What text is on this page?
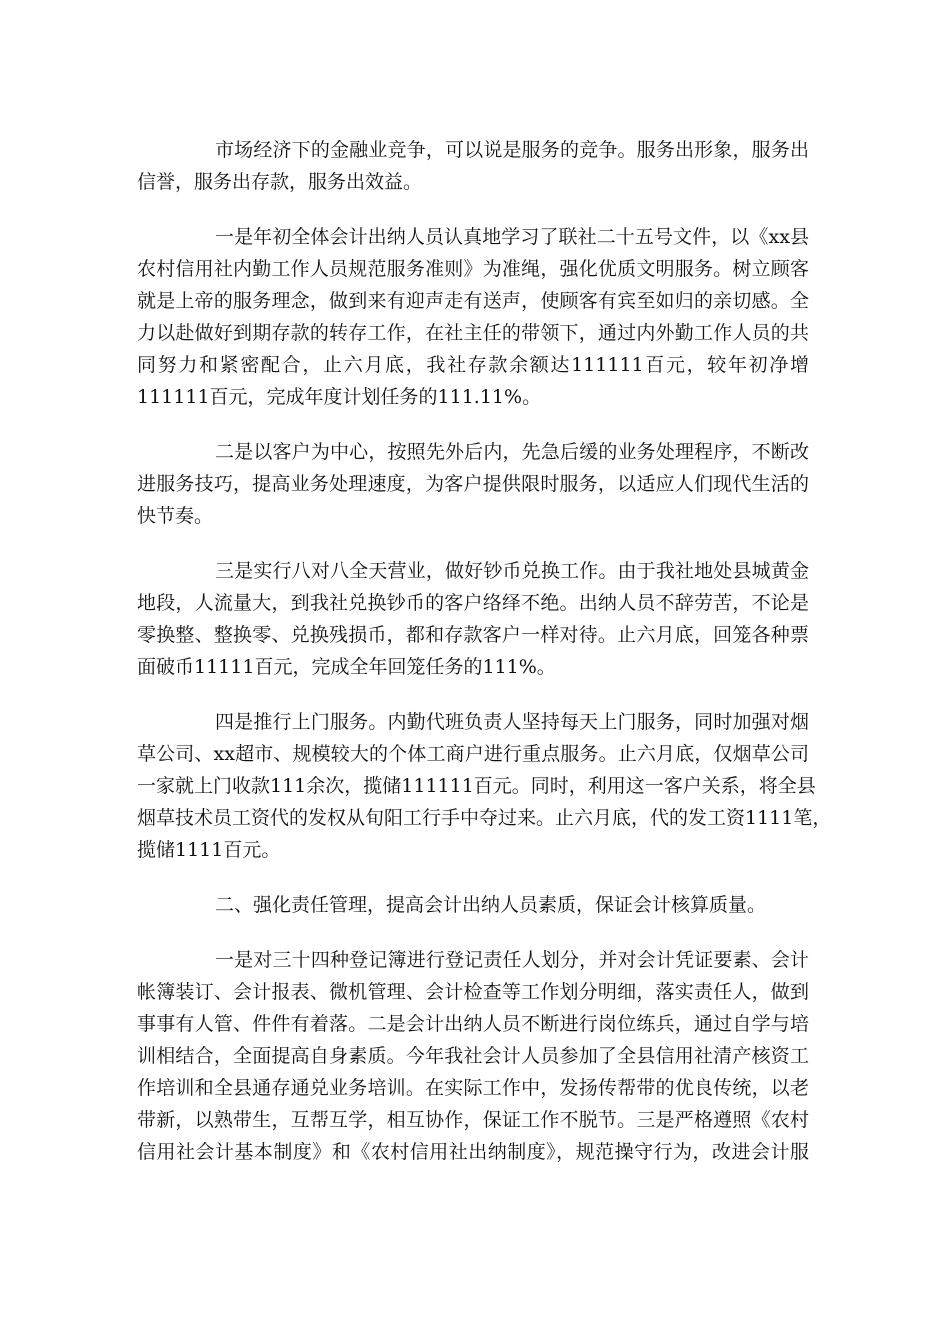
市场经济下的金融业竞争，可以说是服务的竞争。服务出形象，服务出
信誉，服务出存款，服务出效益。
一是年初全体会计出纳人员认真地学习了联社二十五号文件，以《xx县
农村信用社内勤工作人员规范服务准则》为准绳，强化优质文明服务。树立顾客
就是上帝的服务理念，做到来有迎声走有送声，使顾客有宾至如归的亲切感。全
力以赴做好到期存款的转存工作，在社主任的带领下，通过内外勤工作人员的共
同努力和紧密配合，止六月底，我社存款余额达111111百元，较年初净增
111111百元，完成年度计划任务的111.11%。
二是以客户为中心，按照先外后内，先急后缓的业务处理程序，不断改
进服务技巧，提高业务处理速度，为客户提供限时服务，以适应人们现代生活的
快节奏。
三是实行八对八全天营业，做好钞币兑换工作。由于我社地处县城黄金
地段，人流量大，到我社兑换钞币的客户络绎不绝。出纳人员不辞劳苦，不论是
零换整、整换零、兑换残损币，都和存款客户一样对待。止六月底，回笼各种票
面破币11111百元，完成全年回笼任务的111%。
四是推行上门服务。内勤代班负责人坚持每天上门服务，同时加强对烟
草公司、xx超市、规模较大的个体工商户进行重点服务。止六月底，仅烟草公司
一家就上门收款111余次，揽储111111百元。同时，利用这一客户关系，将全县
烟草技术员工资代的发权从旬阳工行手中夺过来。止六月底，代的发工资1111笔，
揽储1111百元。
二、强化责任管理，提高会计出纳人员素质，保证会计核算质量。
一是对三十四种登记簿进行登记责任人划分，并对会计凭证要素、会计
帐簿装订、会计报表、微机管理、会计检查等工作划分明细，落实责任人，做到
事事有人管、件件有着落。二是会计出纳人员不断进行岗位练兵，通过自学与培
训相结合，全面提高自身素质。今年我社会计人员参加了全县信用社清产核资工
作培训和全县通存通兑业务培训。在实际工作中，发扬传帮带的优良传统，以老
带新，以熟带生，互帮互学，相互协作，保证工作不脱节。三是严格遵照《农村
信用社会计基本制度》和《农村信用社出纳制度》，规范操守行为，改进会计服
